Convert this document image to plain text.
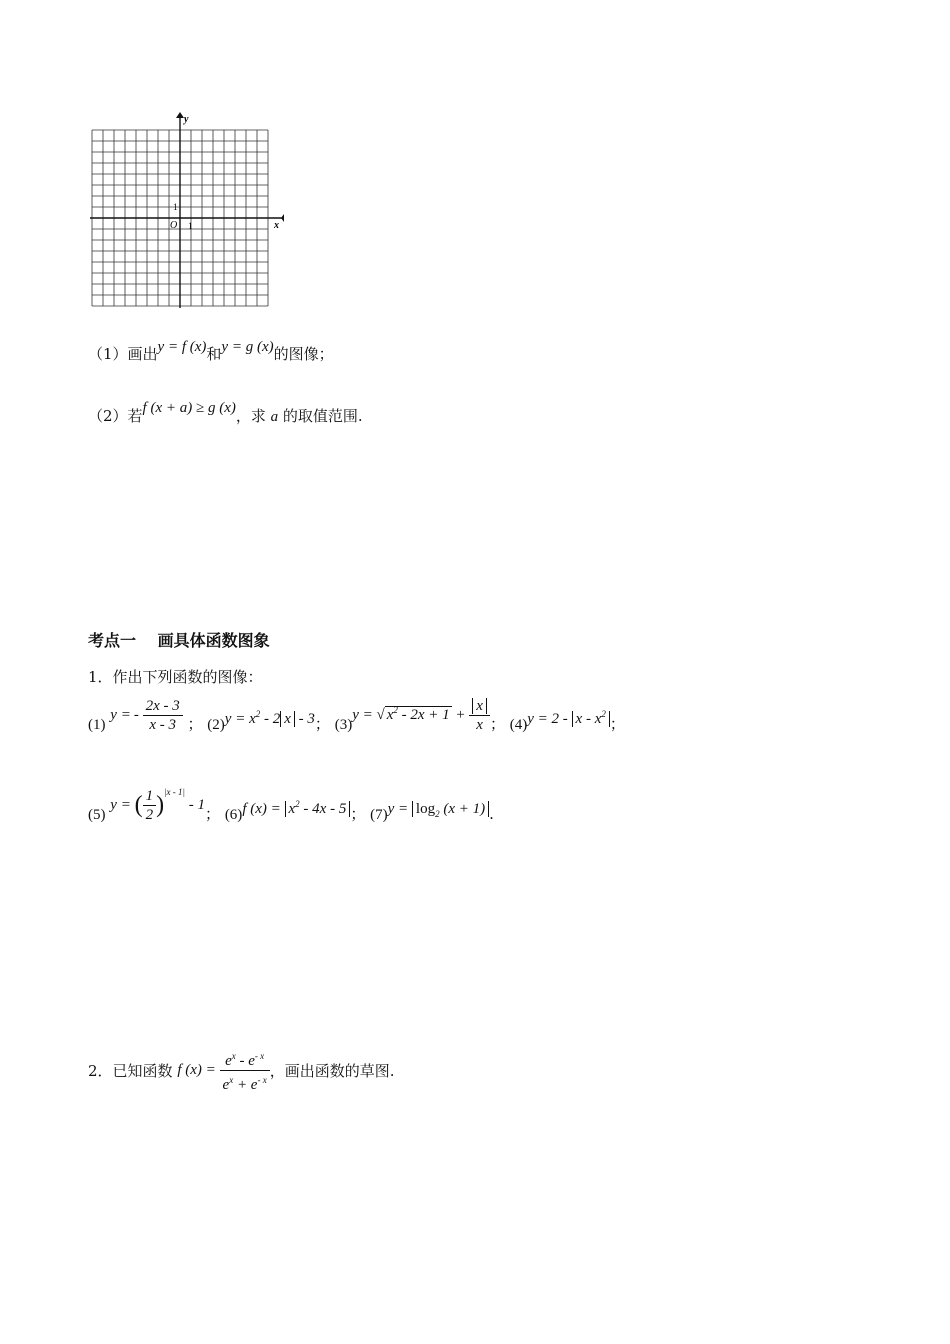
y
x
O 1
1
（1）画出y = f (x)和y = g (x)的图像；
（2）若f (x + a) ≥ g (x)，求 a 的取值范围.
考点一　 画具体函数图象
1．作出下列函数的图像：
(1) y = - $\frac{2x - 3}{x - 3}$ ； $(2)y = x^2 - 2$ x - 3； (3)y = √ $x^2 - 2x + 1 + \frac{x}{x}$ ； $(4)y = 2 - x - x^2$；
(5) y = ( $\frac{1}{2} )^{|x - 1|} - 1$； (6)f $(x) = x^2 - 4x - 5$ ； $(7)y = \log_2 (x + 1)$ .
2．已知函数 f $(x) = \frac{e^x - e^{- x}}{e^x + e^{- x}}$ ，画出函数的草图.
